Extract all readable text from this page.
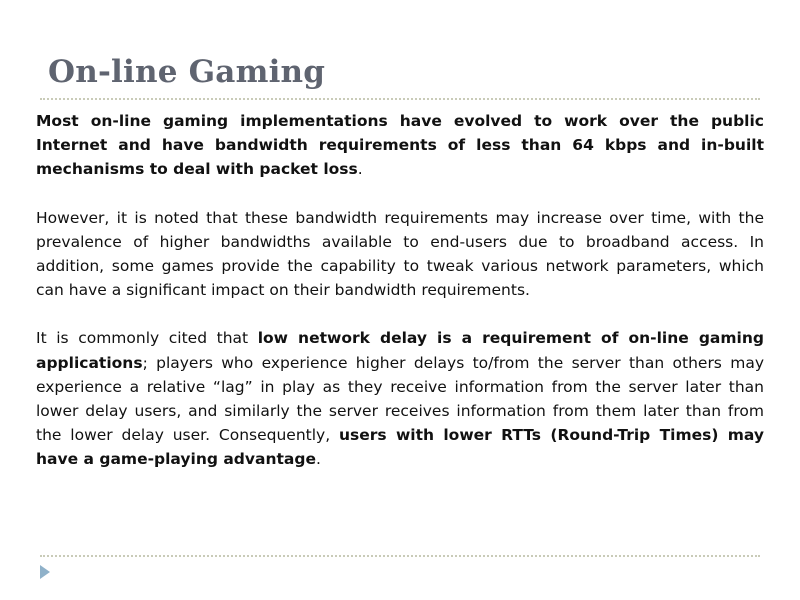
On-line Gaming

Most on-line gaming implementations have evolved to work over the public Internet and have bandwidth requirements of less than 64 kbps and in-built mechanisms to deal with packet loss.

However, it is noted that these bandwidth requirements may increase over time, with the prevalence of higher bandwidths available to end-users due to broadband access. In addition, some games provide the capability to tweak various network parameters, which can have a significant impact on their bandwidth requirements.

It is commonly cited that low network delay is a requirement of on-line gaming applications; players who experience higher delays to/from the server than others may experience a relative “lag” in play as they receive information from the server later than lower delay users, and similarly the server receives information from them later than from the lower delay user. Consequently, users with lower RTTs (Round-Trip Times) may have a game-playing advantage.
